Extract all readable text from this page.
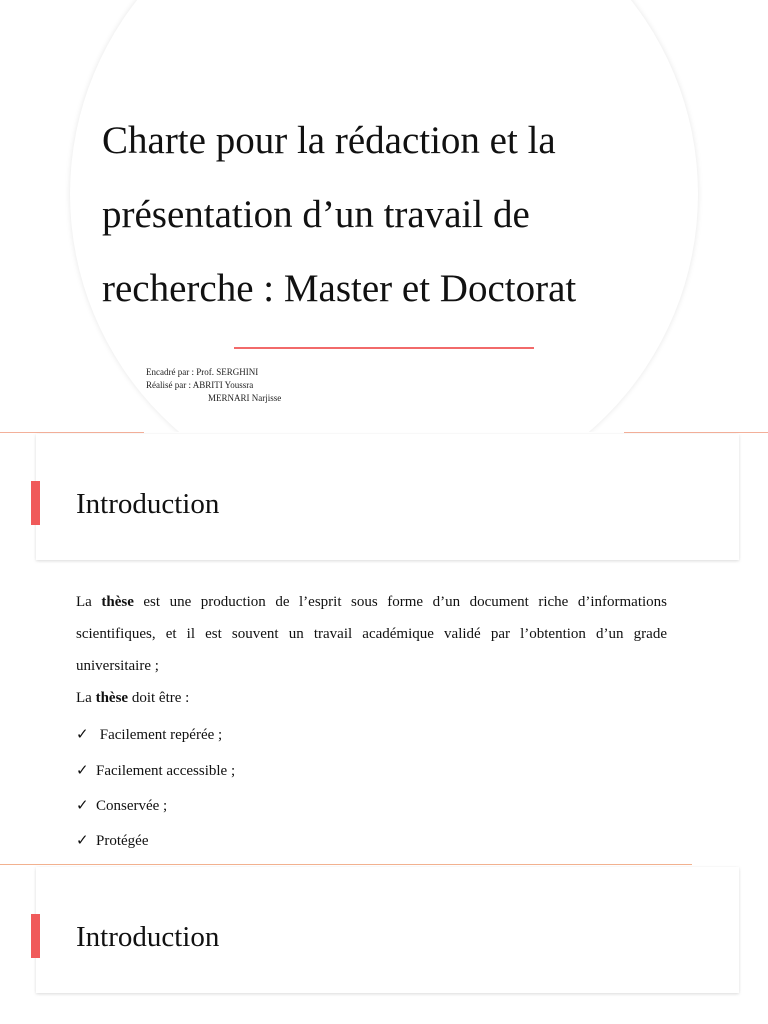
Charte pour la rédaction et la présentation d’un travail de recherche : Master et Doctorat
Encadré par : Prof. SERGHINI
Réalisé par : ABRITI Youssra

MERNARI Narjisse
Introduction

La thèse est une production de l’esprit sous forme d’un document riche d’informations scientifiques, et il est souvent un travail académique validé par l’obtention d’un grade universitaire ;

La thèse doit être :
✓ Facilement repérée ;
✓ Facilement accessible ;
✓ Conservée ;
✓ Protégée
Introduction
